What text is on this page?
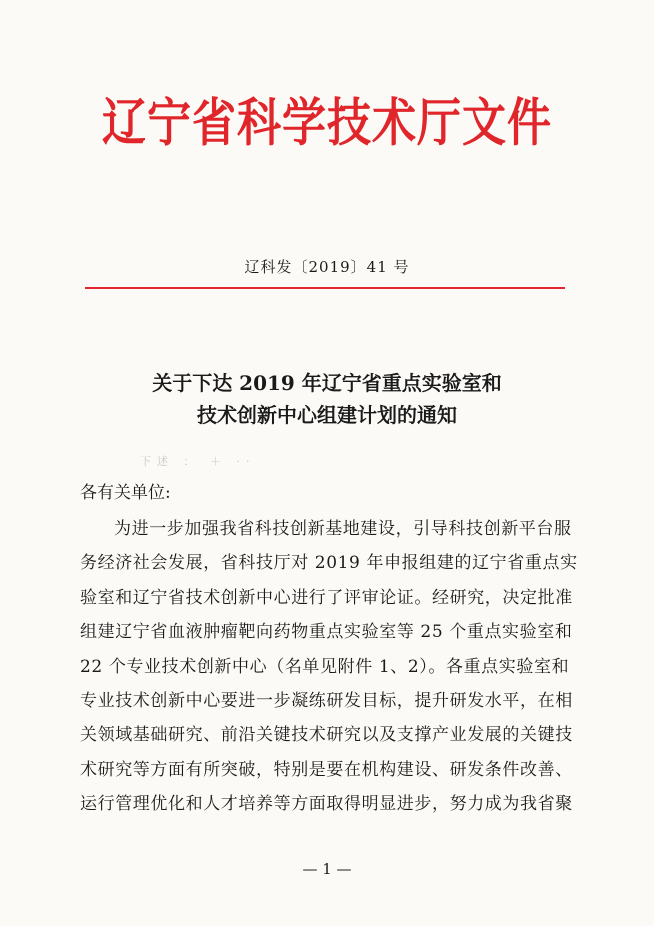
辽宁省科学技术厅文件
辽科发〔2019〕41 号
关于下达 2019 年辽宁省重点实验室和
技术创新中心组建计划的通知
下述 ： ＋ ··
各有关单位:
为进一步加强我省科技创新基地建设，引导科技创新平台服
务经济社会发展，省科技厅对 2019 年申报组建的辽宁省重点实
验室和辽宁省技术创新中心进行了评审论证。经研究，决定批准
组建辽宁省血液肿瘤靶向药物重点实验室等 25 个重点实验室和
22 个专业技术创新中心（名单见附件 1、2）。各重点实验室和
专业技术创新中心要进一步凝练研发目标，提升研发水平，在相
关领域基础研究、前沿关键技术研究以及支撑产业发展的关键技
术研究等方面有所突破，特别是要在机构建设、研发条件改善、
运行管理优化和人才培养等方面取得明显进步，努力成为我省聚
— 1 —
